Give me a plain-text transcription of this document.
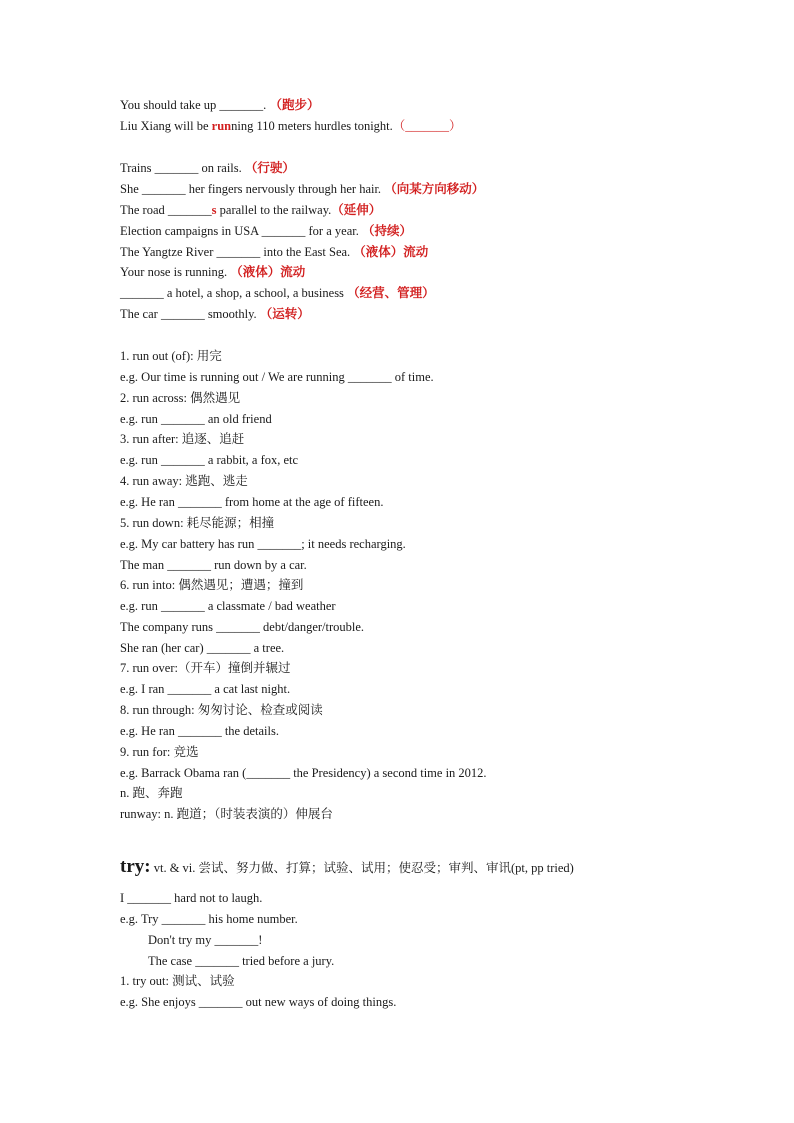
You should take up _______. （跑步）
Liu Xiang will be running 110 meters hurdles tonight.（_______）
Trains _______ on rails. （行驶）
She _______ her fingers nervously through her hair. （向某方向移动）
The road _______s parallel to the railway.（延伸）
Election campaigns in USA _______ for a year. （持续）
The Yangtze River _______ into the East Sea. （液体）流动
Your nose is running. （液体）流动
_______ a hotel, a shop, a school, a business （经营、管理）
The car _______ smoothly. （运转）
1. run out (of): 用完
e.g. Our time is running out / We are running _______ of time.
2. run across: 偶然遇见
e.g. run _______ an old friend
3. run after: 追逐、追赶
e.g. run _______ a rabbit, a fox, etc
4. run away: 逃跑、逃走
e.g. He ran _______ from home at the age of fifteen.
5. run down: 耗尽能源；相撞
e.g. My car battery has run _______; it needs recharging.
The man _______ run down by a car.
6. run into: 偶然遇见；遭遇；撞到
e.g. run _______ a classmate / bad weather
The company runs _______ debt/danger/trouble.
She ran (her car) _______ a tree.
7. run over:（开车）撞倒并辗过
e.g. I ran _______ a cat last night.
8. run through: 匆匆讨论、检查或阅读
e.g. He ran _______ the details.
9. run for: 竞选
e.g. Barrack Obama ran (_______ the Presidency) a second time in 2012.
n. 跑、奔跑
runway: n. 跑道；（时装表演的）伸展台
try: vt. & vi. 尝试、努力做、打算；试验、试用；使忍受；审判、审讯(pt, pp tried)
I _______ hard not to laugh.
e.g. Try _______ his home number.
Don't try my _______!
The case _______ tried before a jury.
1. try out: 测试、试验
e.g. She enjoys _______ out new ways of doing things.
